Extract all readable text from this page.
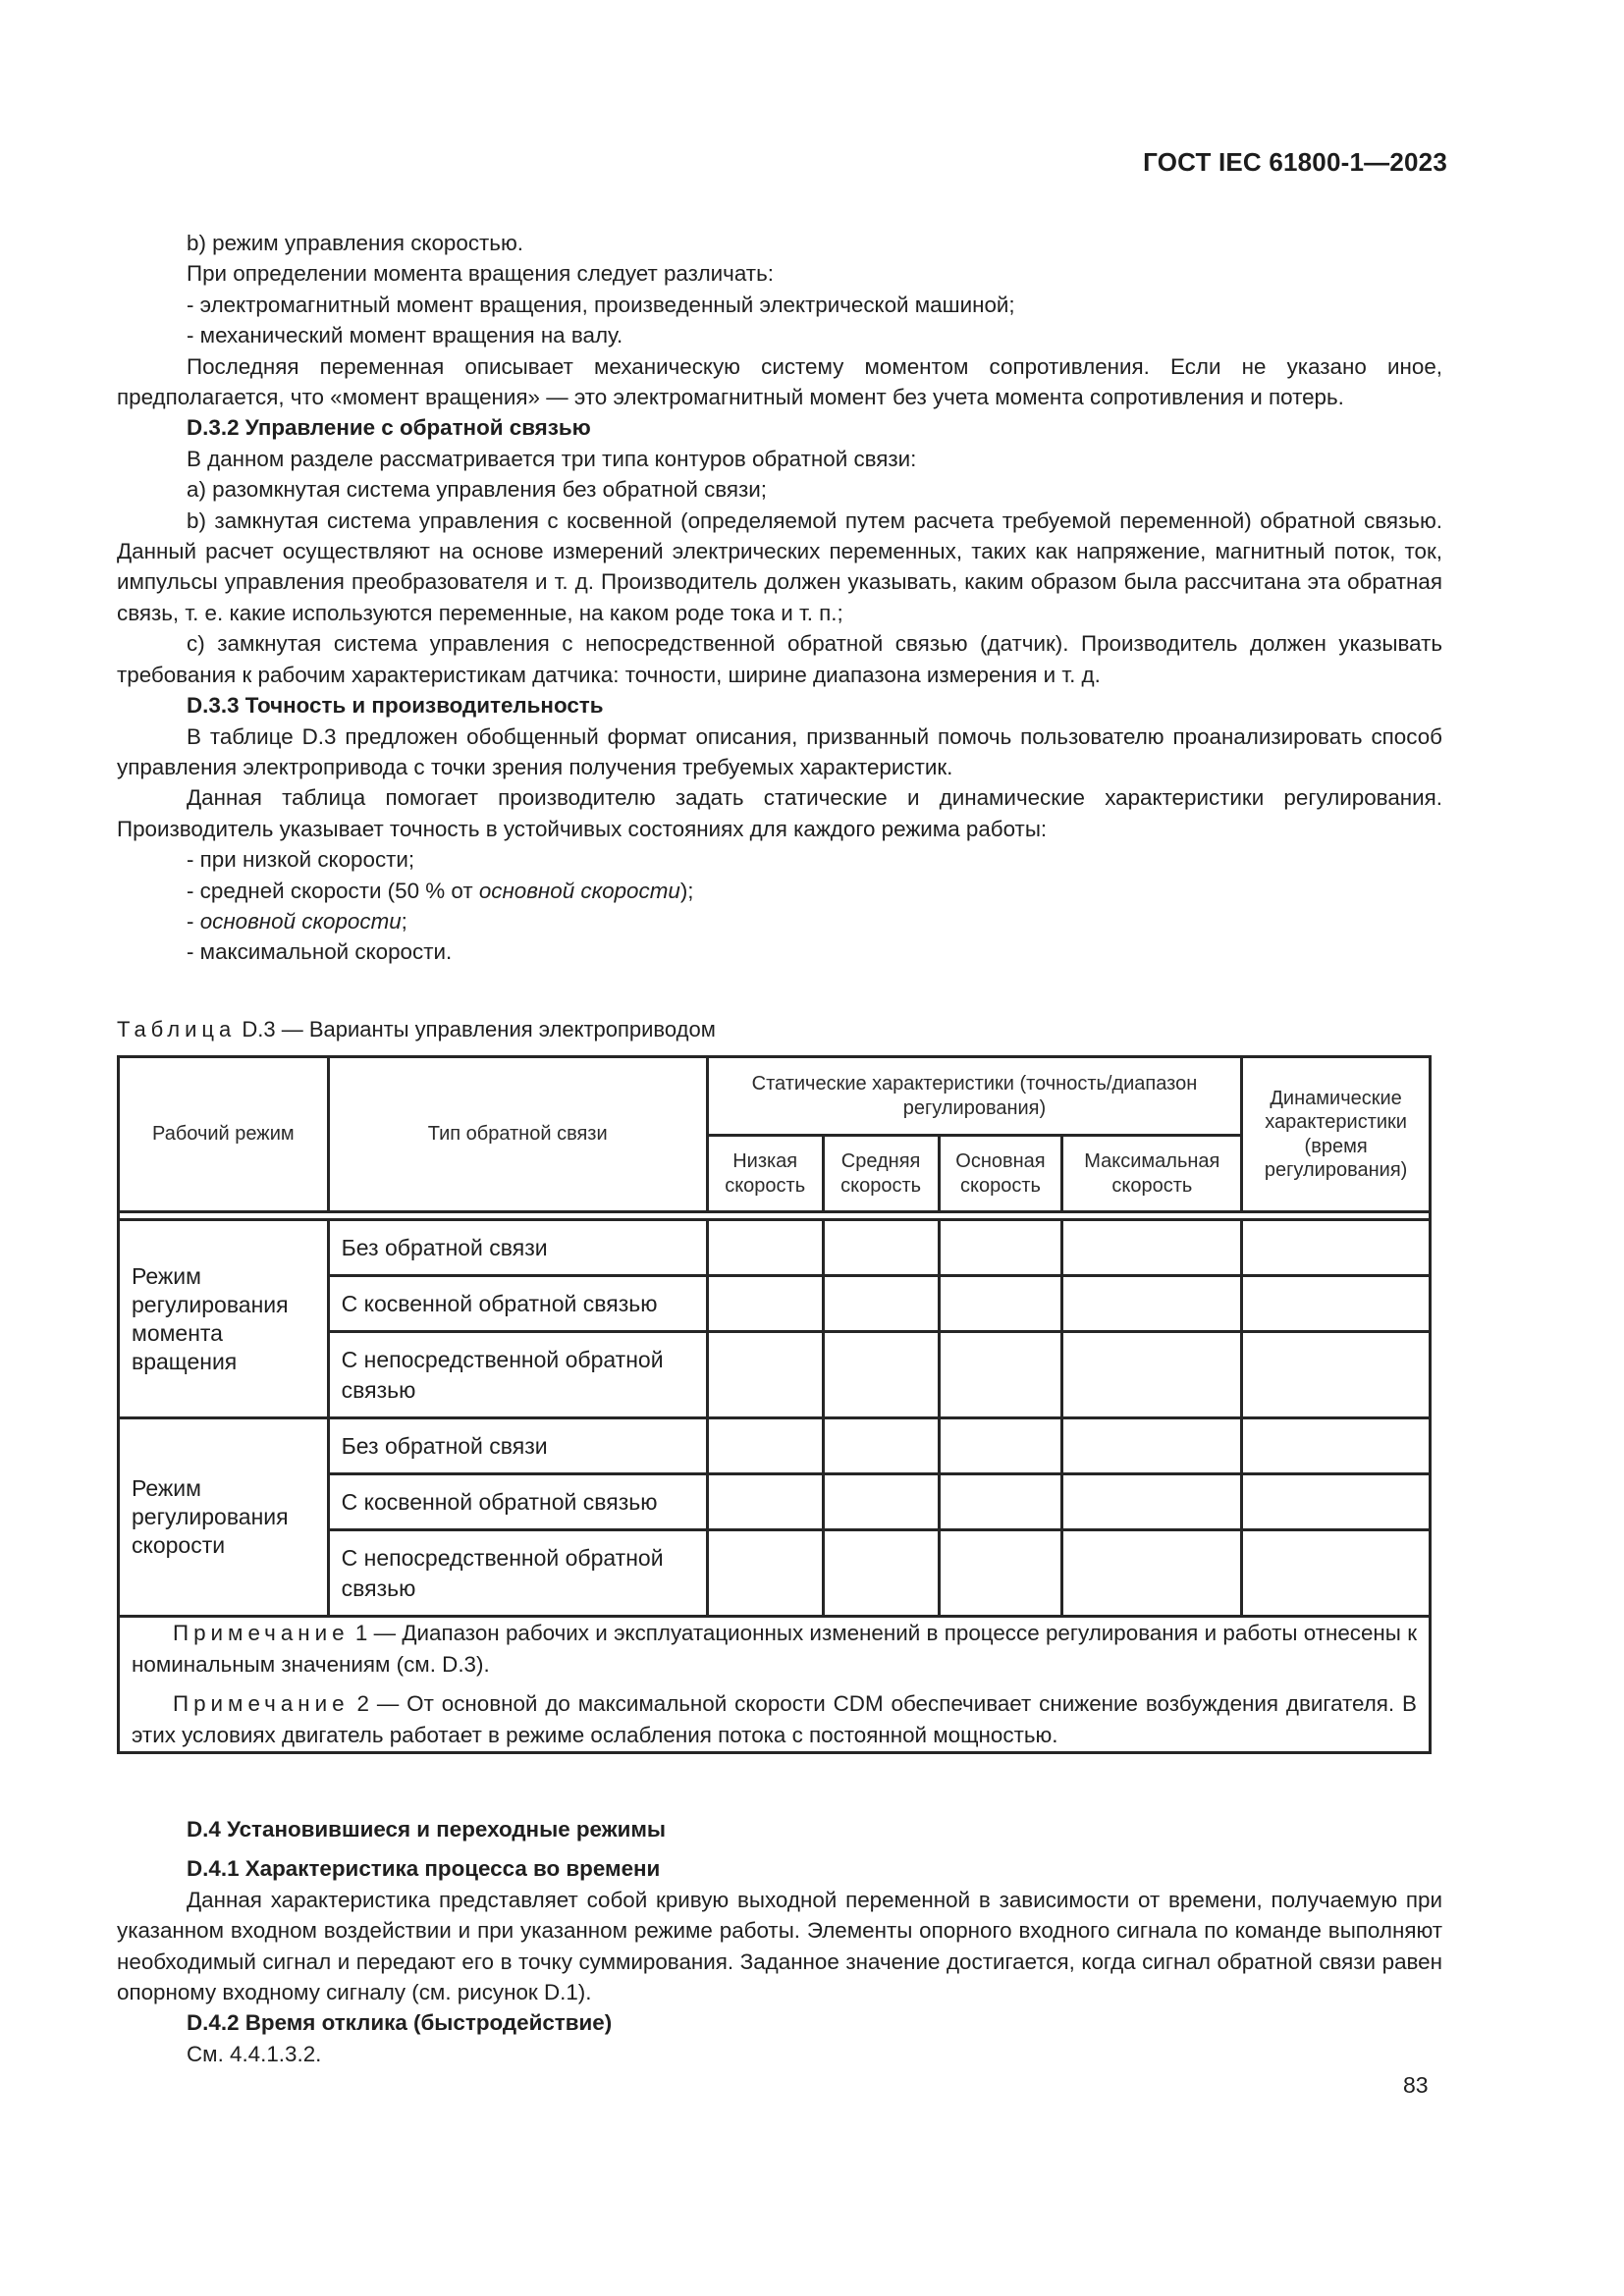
ГОСТ IEC 61800-1—2023

b) режим управления скоростью.

При определении момента вращения следует различать:

- электромагнитный момент вращения, произведенный электрической машиной;

- механический момент вращения на валу.

Последняя переменная описывает механическую систему моментом сопротивления. Если не указано иное, предполагается, что «момент вращения» — это электромагнитный момент без учета момента сопротивления и потерь.

D.3.2 Управление с обратной связью

В данном разделе рассматривается три типа контуров обратной связи:

a) разомкнутая система управления без обратной связи;

b) замкнутая система управления с косвенной (определяемой путем расчета требуемой переменной) обратной связью. Данный расчет осуществляют на основе измерений электрических переменных, таких как напряжение, магнитный поток, ток, импульсы управления преобразователя и т. д. Производитель должен указывать, каким образом была рассчитана эта обратная связь, т. е. какие используются переменные, на каком роде тока и т. п.;

c) замкнутая система управления с непосредственной обратной связью (датчик). Производитель должен указывать требования к рабочим характеристикам датчика: точности, ширине диапазона измерения и т. д.

D.3.3 Точность и производительность

В таблице D.3 предложен обобщенный формат описания, призванный помочь пользователю проанализировать способ управления электропривода с точки зрения получения требуемых характеристик.

Данная таблица помогает производителю задать статические и динамические характеристики регулирования. Производитель указывает точность в устойчивых состояниях для каждого режима работы:

- при низкой скорости;

- средней скорости (50 % от основной скорости);

- основной скорости;

- максимальной скорости.

Таблица D.3 — Варианты управления электроприводом
Рабочий режим	Тип обратной связи	Статические характеристики (точность/диапазон регулирования)				Динамические характеристики (время регулирования)
		Низкая скорость	Средняя скорость	Основная скорость	Максимальная скорость	

Режим регулирования момента вращения	Без обратной связи					
	С косвенной обратной связью					
	С непосредственной обратной связью					
Режим регулирования скорости	Без обратной связи					
	С косвенной обратной связью					
	С непосредственной обратной связью					

Примечание 1 — Диапазон рабочих и эксплуатационных изменений в процессе регулирования и работы отнесены к номинальным значениям (см. D.3).

Примечание 2 — От основной до максимальной скорости CDM обеспечивает снижение возбуждения двигателя. В этих условиях двигатель работает в режиме ослабления потока с постоянной мощностью.						

D.4 Установившиеся и переходные режимы

D.4.1 Характеристика процесса во времени

Данная характеристика представляет собой кривую выходной переменной в зависимости от времени, получаемую при указанном входном воздействии и при указанном режиме работы. Элементы опорного входного сигнала по команде выполняют необходимый сигнал и передают его в точку суммирования. Заданное значение достигается, когда сигнал обратной связи равен опорному входному сигналу (см. рисунок D.1).

D.4.2 Время отклика (быстродействие)

См. 4.4.1.3.2.

83
